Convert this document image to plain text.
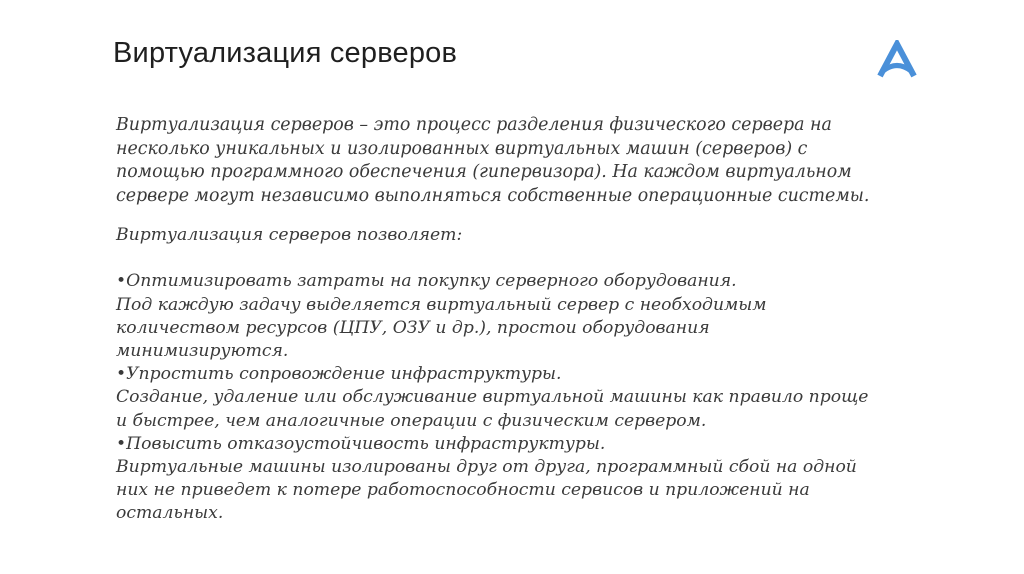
Виртуализация серверов

Виртуализация серверов – это процесс разделения физического сервера на
несколько уникальных и изолированных виртуальных машин (серверов) с
помощью программного обеспечения (гипервизора). На каждом виртуальном
сервере могут независимо выполняться собственные операционные системы.

Виртуализация серверов позволяет:
•Оптимизировать затраты на покупку серверного оборудования.
Под каждую задачу выделяется виртуальный сервер с необходимым
количеством ресурсов (ЦПУ, ОЗУ и др.), простои оборудования
минимизируются.
•Упростить сопровождение инфраструктуры.
Создание, удаление или обслуживание виртуальной машины как правило проще
и быстрее, чем аналогичные операции с физическим сервером.
•Повысить отказоустойчивость инфраструктуры.
Виртуальные машины изолированы друг от друга, программный сбой на одной
них не приведет к потере работоспособности сервисов и приложений на
остальных.
